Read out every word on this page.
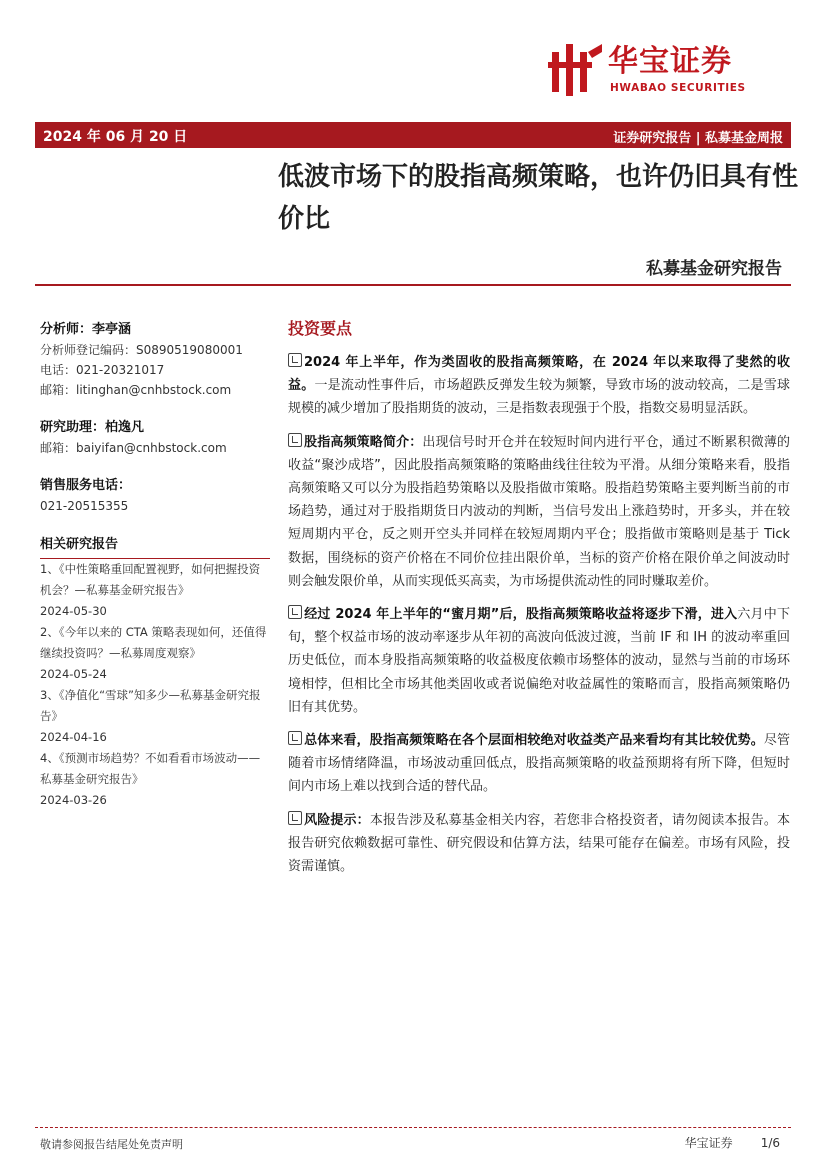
华宝证券
HWABAO SECURITIES
2024 年 06 月 20 日	证券研究报告 | 私募基金周报
低波市场下的股指高频策略，也许仍旧具有性价比
私募基金研究报告
分析师：李亭涵
分析师登记编码：S0890519080001
电话：021-20321017
邮箱：litinghan@cnhbstock.com
研究助理：柏逸凡
邮箱：baiyifan@cnhbstock.com
销售服务电话：
021-20515355
相关研究报告
1、《中性策略重回配置视野，如何把握投资机会？—私募基金研究报告》
2024-05-30
2、《今年以来的 CTA 策略表现如何，还值得继续投资吗？—私募周度观察》
2024-05-24
3、《净值化“雪球”知多少—私募基金研究报告》
2024-04-16
4、《预测市场趋势？不如看看市场波动——私募基金研究报告》
2024-03-26
投资要点
2024 年上半年，作为类固收的股指高频策略，在 2024 年以来取得了斐然的收益。一是流动性事件后，市场超跌反弹发生较为频繁，导致市场的波动较高，二是雪球规模的减少增加了股指期货的波动，三是指数表现强于个股，指数交易明显活跃。
股指高频策略简介：出现信号时开仓并在较短时间内进行平仓，通过不断累积微薄的收益“聚沙成塔”，因此股指高频策略的策略曲线往往较为平滑。从细分策略来看，股指高频策略又可以分为股指趋势策略以及股指做市策略。股指趋势策略主要判断当前的市场趋势，通过对于股指期货日内波动的判断，当信号发出上涨趋势时，开多头，并在较短周期内平仓，反之则开空头并同样在较短周期内平仓；股指做市策略则是基于 Tick 数据，围绕标的资产价格在不同价位挂出限价单，当标的资产价格在限价单之间波动时则会触发限价单，从而实现低买高卖，为市场提供流动性的同时赚取差价。
经过 2024 年上半年的“蜜月期”后，股指高频策略收益将逐步下滑，进入六月中下旬，整个权益市场的波动率逐步从年初的高波向低波过渡，当前 IF 和 IH 的波动率重回历史低位，而本身股指高频策略的收益极度依赖市场整体的波动，显然与当前的市场环境相悖，但相比全市场其他类固收或者说偏绝对收益属性的策略而言，股指高频策略仍旧有其优势。
总体来看，股指高频策略在各个层面相较绝对收益类产品来看均有其比较优势。尽管随着市场情绪降温，市场波动重回低点，股指高频策略的收益预期将有所下降，但短时间内市场上难以找到合适的替代品。
风险提示：本报告涉及私募基金相关内容，若您非合格投资者，请勿阅读本报告。本报告研究依赖数据可靠性、研究假设和估算方法，结果可能存在偏差。市场有风险，投资需谨慎。
敬请参阅报告结尾处免责声明	华宝证券 1/6
